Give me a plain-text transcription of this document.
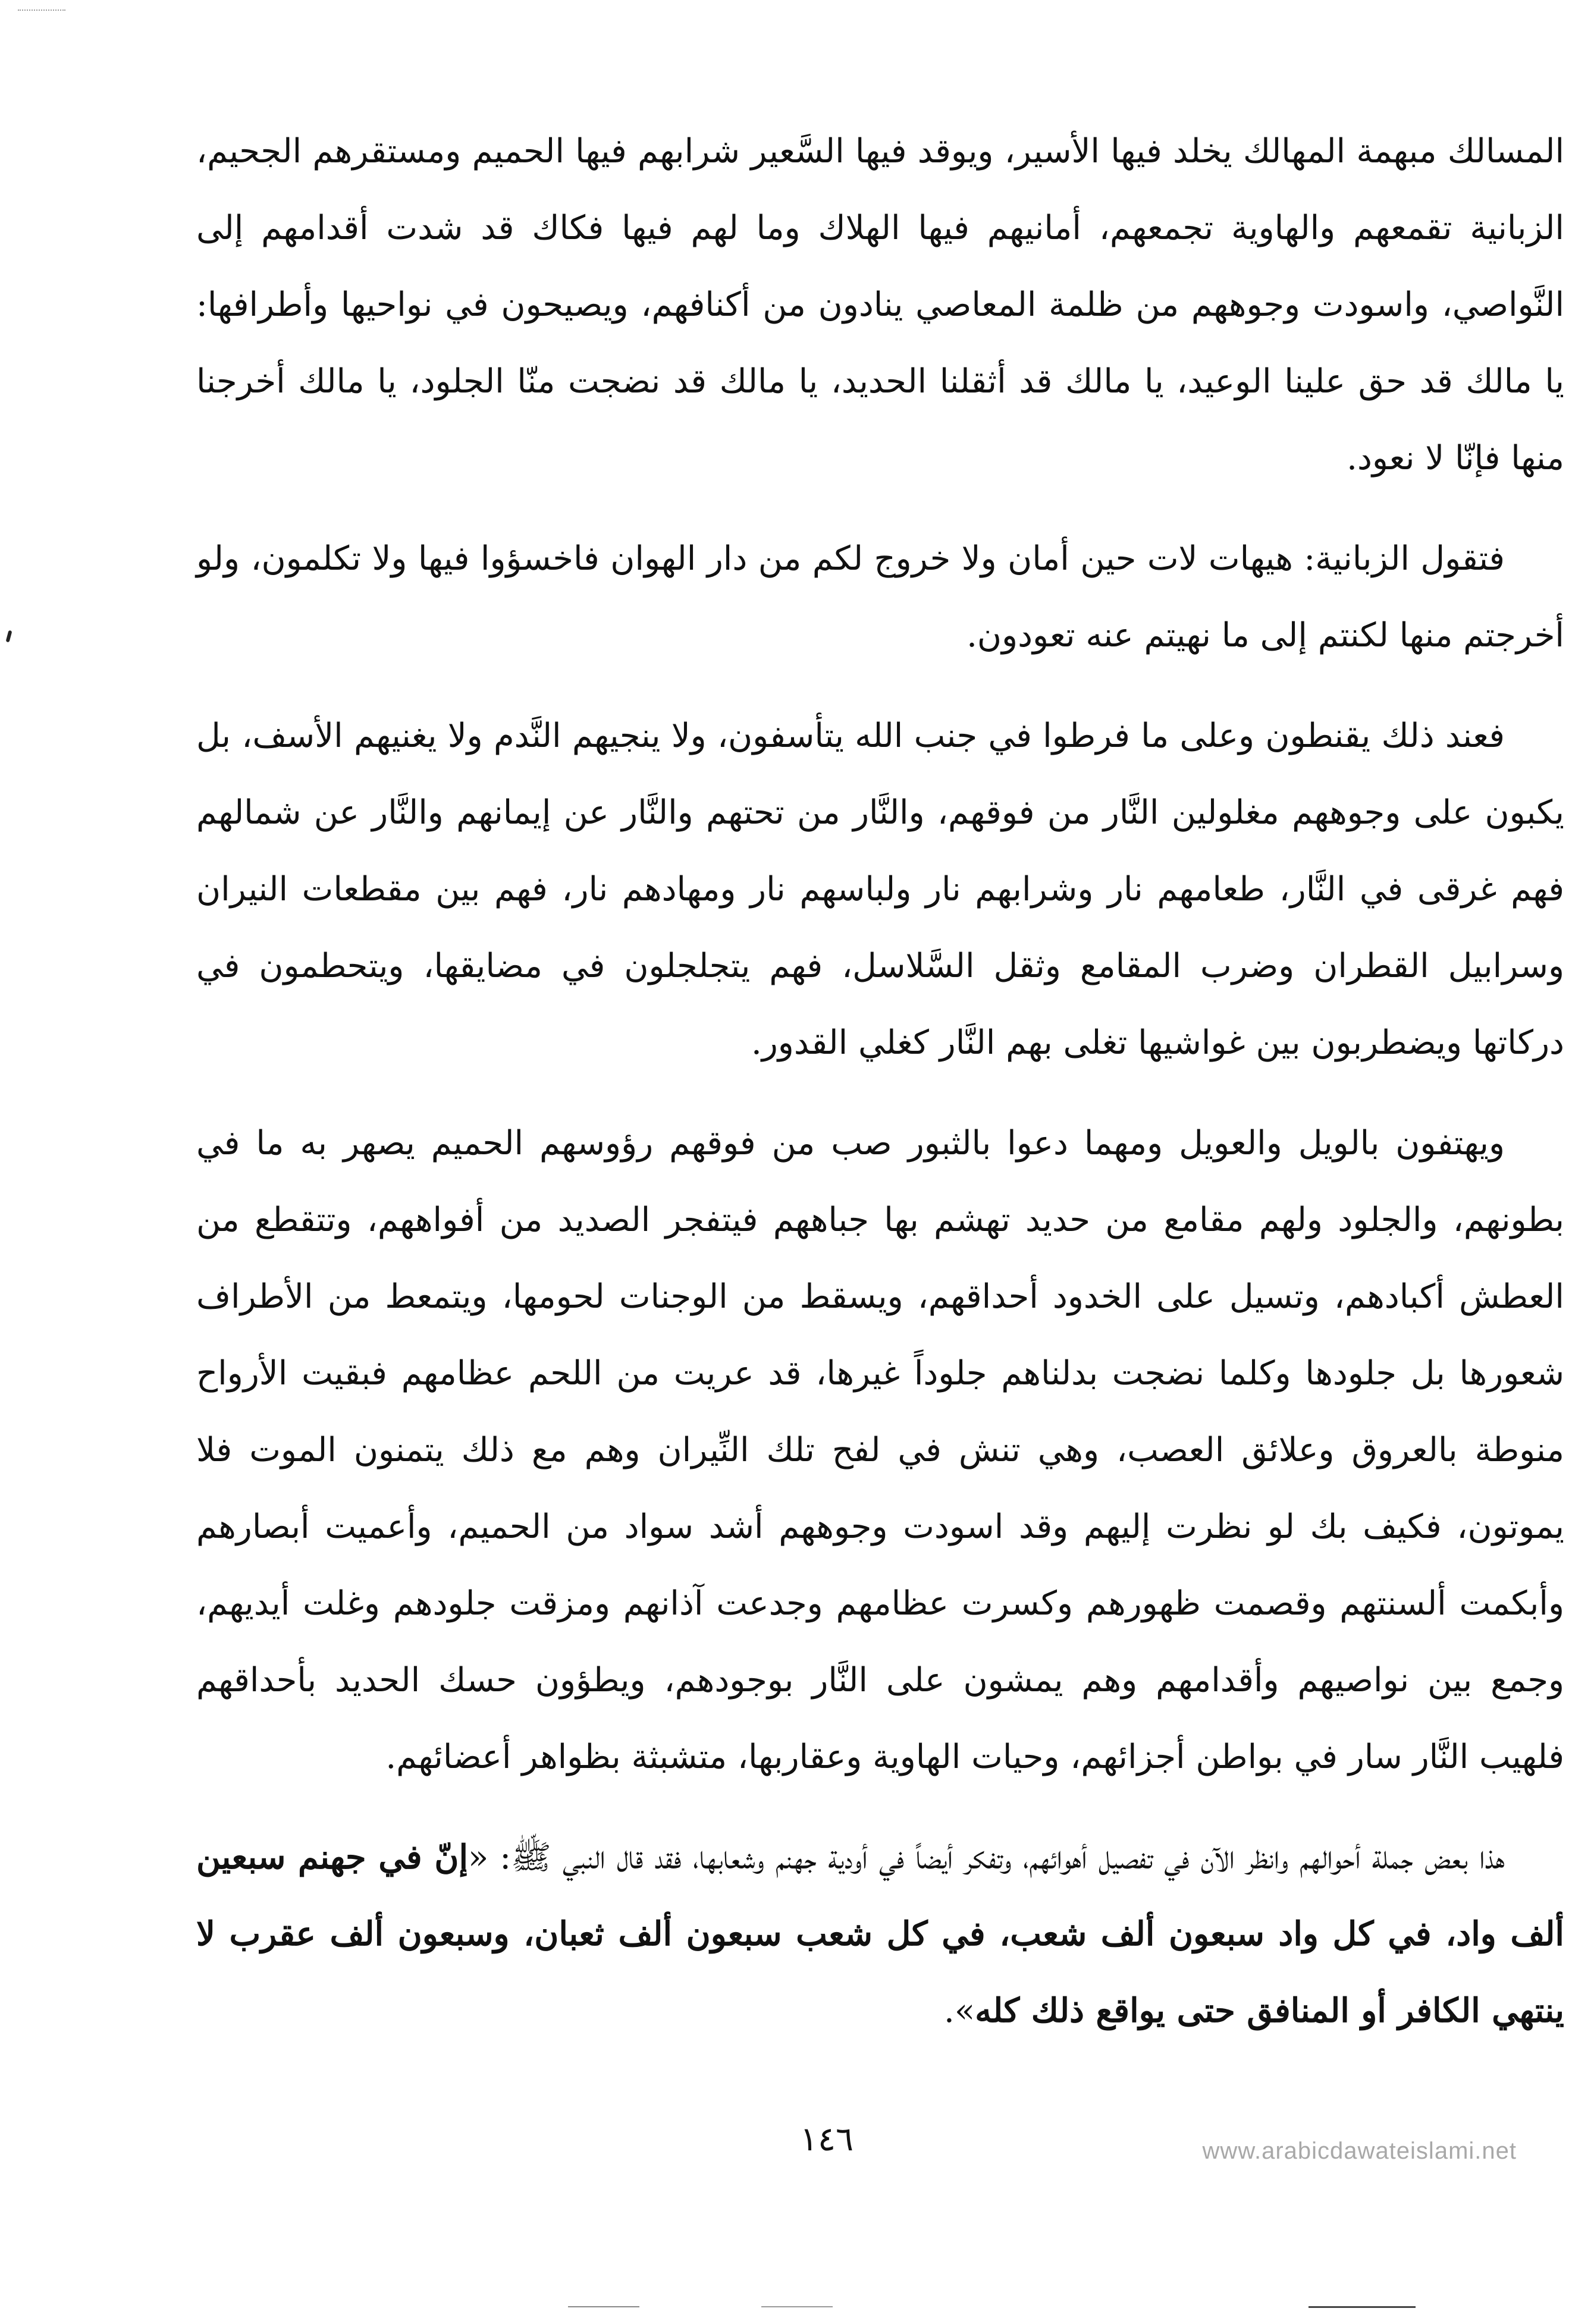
المسالك مبهمة المهالك يخلد فيها الأسير، ويوقد فيها السَّعير شرابهم فيها الحميم ومستقرهم الجحيم، الزبانية تقمعهم والهاوية تجمعهم، أمانيهم فيها الهلاك وما لهم فيها فكاك قد شدت أقدامهم إلى النَّواصي، واسودت وجوههم من ظلمة المعاصي ينادون من أكنافهم، ويصيحون في نواحيها وأطرافها: يا مالك قد حق علينا الوعيد، يا مالك قد أثقلنا الحديد، يا مالك قد نضجت منّا الجلود، يا مالك أخرجنا منها فإنّا لا نعود.

فتقول الزبانية: هيهات لات حين أمان ولا خروج لكم من دار الهوان فاخسؤوا فيها ولا تكلمون، ولو أخرجتم منها لكنتم إلى ما نهيتم عنه تعودون.

فعند ذلك يقنطون وعلى ما فرطوا في جنب الله يتأسفون، ولا ينجيهم النَّدم ولا يغنيهم الأسف، بل يكبون على وجوههم مغلولين النَّار من فوقهم، والنَّار من تحتهم والنَّار عن إيمانهم والنَّار عن شمالهم فهم غرقى في النَّار، طعامهم نار وشرابهم نار ولباسهم نار ومهادهم نار، فهم بين مقطعات النيران وسرابيل القطران وضرب المقامع وثقل السَّلاسل، فهم يتجلجلون في مضايقها، ويتحطمون في دركاتها ويضطربون بين غواشيها تغلى بهم النَّار كغلي القدور.

ويهتفون بالويل والعويل ومهما دعوا بالثبور صب من فوقهم رؤوسهم الحميم يصهر به ما في بطونهم، والجلود ولهم مقامع من حديد تهشم بها جباههم فيتفجر الصديد من أفواههم، وتتقطع من العطش أكبادهم، وتسيل على الخدود أحداقهم، ويسقط من الوجنات لحومها، ويتمعط من الأطراف شعورها بل جلودها وكلما نضجت بدلناهم جلوداً غيرها، قد عريت من اللحم عظامهم فبقيت الأرواح منوطة بالعروق وعلائق العصب، وهي تنش في لفح تلك النِّيران وهم مع ذلك يتمنون الموت فلا يموتون، فكيف بك لو نظرت إليهم وقد اسودت وجوههم أشد سواد من الحميم، وأعميت أبصارهم وأبكمت ألسنتهم وقصمت ظهورهم وكسرت عظامهم وجدعت آذانهم ومزقت جلودهم وغلت أيديهم، وجمع بين نواصيهم وأقدامهم وهم يمشون على النَّار بوجودهم، ويطؤون حسك الحديد بأحداقهم فلهيب النَّار سار في بواطن أجزائهم، وحيات الهاوية وعقاربها، متشبثة بظواهر أعضائهم.

هذا بعض جملة أحوالهم وانظر الآن في تفصيل أهوائهم، وتفكر أيضاً في أودية جهنم وشعابها، فقد قال النبي ﷺ: «إنّ في جهنم سبعين ألف واد، في كل واد سبعون ألف شعب، في كل شعب سبعون ألف ثعبان، وسبعون ألف عقرب لا ينتهي الكافر أو المنافق حتى يواقع ذلك كله».

١٤٦	www.arabicdawateislami.net
